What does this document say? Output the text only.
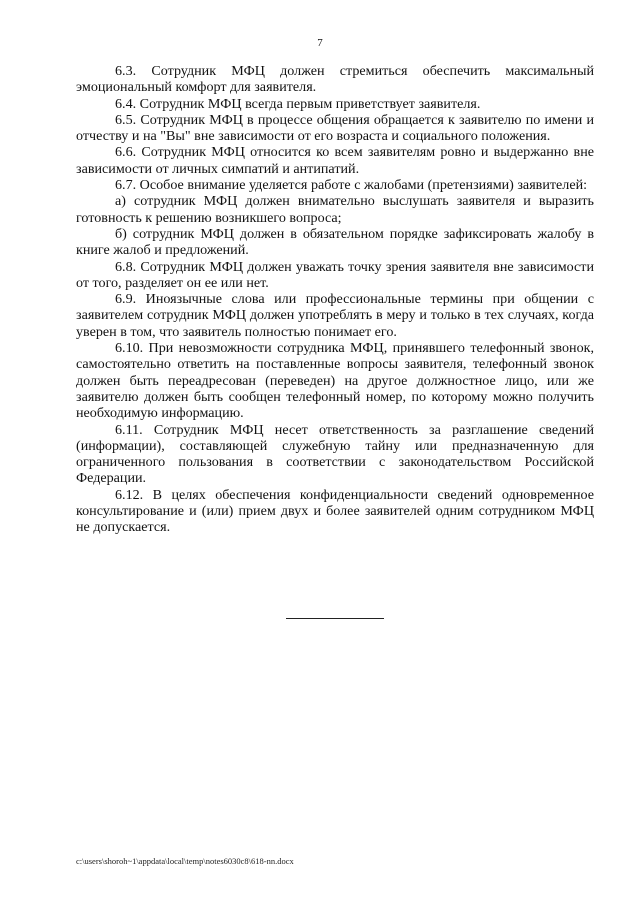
7

6.3. Сотрудник МФЦ должен стремиться обеспечить максимальный эмоциональный комфорт для заявителя.

6.4. Сотрудник МФЦ всегда первым приветствует заявителя.

6.5. Сотрудник МФЦ в процессе общения обращается к заявителю по имени и отчеству и на "Вы" вне зависимости от его возраста и социального положения.

6.6. Сотрудник МФЦ относится ко всем заявителям ровно и выдержанно вне зависимости от личных симпатий и антипатий.

6.7. Особое внимание уделяется работе с жалобами (претензиями) заявителей:

а) сотрудник МФЦ должен внимательно выслушать заявителя и выразить готовность к решению возникшего вопроса;

б) сотрудник МФЦ должен в обязательном порядке зафиксировать жалобу в книге жалоб и предложений.

6.8. Сотрудник МФЦ должен уважать точку зрения заявителя вне зависимости от того, разделяет он ее или нет.

6.9. Иноязычные слова или профессиональные термины при общении с заявителем сотрудник МФЦ должен употреблять в меру и только в тех случаях, когда уверен в том, что заявитель полностью понимает его.

6.10. При невозможности сотрудника МФЦ, принявшего телефонный звонок, самостоятельно ответить на поставленные вопросы заявителя, телефонный звонок должен быть переадресован (переведен) на другое должностное лицо, или же заявителю должен быть сообщен телефонный номер, по которому можно получить необходимую информацию.

6.11. Сотрудник МФЦ несет ответственность за разглашение сведений (информации), составляющей служебную тайну или предназначенную для ограниченного пользования в соответствии с законодательством Российской Федерации.

6.12. В целях обеспечения конфиденциальности сведений одновременное консультирование и (или) прием двух и более заявителей одним сотрудником МФЦ не допускается.

c:\users\shoroh~1\appdata\local\temp\notes6030c8\618-nn.docx
